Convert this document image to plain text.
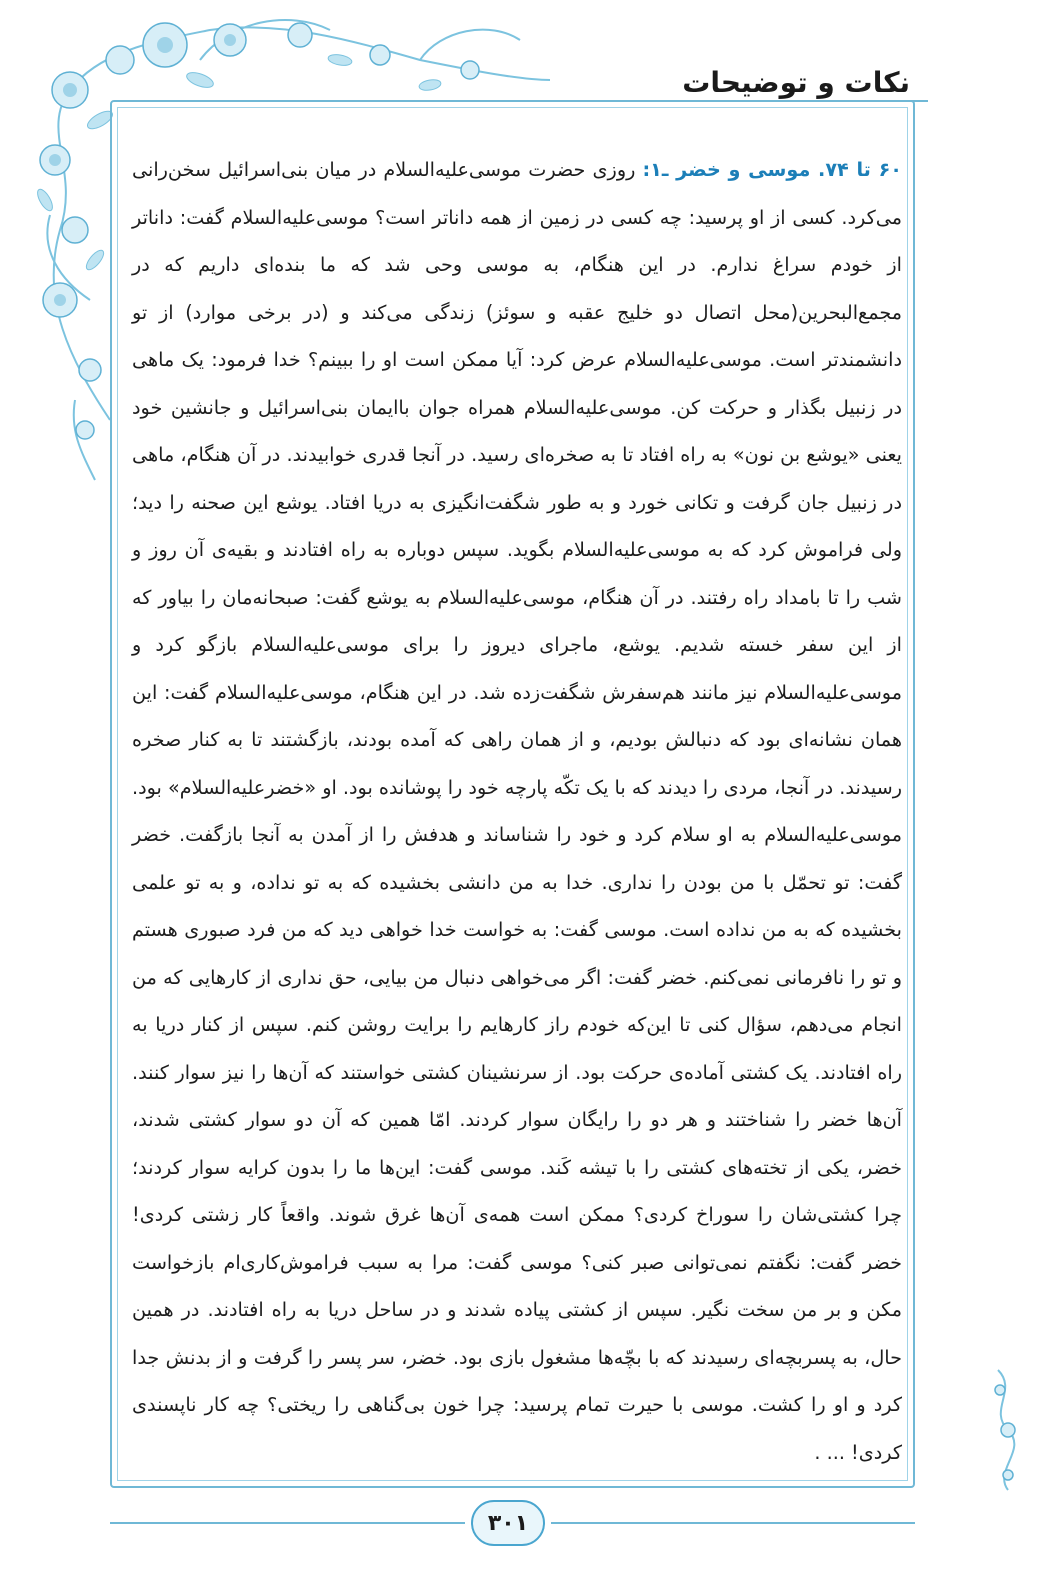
نکات و توضیحات

۶۰ تا ۷۴. موسی و خضر ـ۱: روزی حضرت موسی‌علیه‌السلام در میان بنی‌اسرائیل سخن‌رانی می‌کرد. کسی از او پرسید: چه کسی در زمین از همه داناتر است؟ موسی‌علیه‌السلام گفت: داناتر از خودم سراغ ندارم. در این هنگام، به موسی وحی شد که ما بنده‌ای داریم که در مجمع‌البحرین(محل اتصال دو خلیج عقبه و سوئز) زندگی می‌کند و (در برخی موارد) از تو دانشمندتر است. موسی‌علیه‌السلام عرض کرد: آیا ممکن است او را ببینم؟ خدا فرمود: یک ماهی در زنبیل بگذار و حرکت کن. موسی‌علیه‌السلام همراه جوان باایمان بنی‌اسرائیل و جانشین خود یعنی «یوشع بن نون» به راه افتاد تا به صخره‌ای رسید. در آنجا قدری خوابیدند. در آن هنگام، ماهی در زنبیل جان گرفت و تکانی خورد و به طور شگفت‌انگیزی به دریا افتاد. یوشع این صحنه را دید؛ ولی فراموش کرد که به موسی‌علیه‌السلام بگوید. سپس دوباره به راه افتادند و بقیه‌ی آن روز و شب را تا بامداد راه رفتند. در آن هنگام، موسی‌علیه‌السلام به یوشع گفت: صبحانه‌مان را بیاور که از این سفر خسته شدیم. یوشع، ماجرای دیروز را برای موسی‌علیه‌السلام بازگو کرد و موسی‌علیه‌السلام نیز مانند هم‌سفرش شگفت‌زده شد. در این هنگام، موسی‌علیه‌السلام گفت: این همان نشانه‌ای بود که دنبالش بودیم، و از همان راهی که آمده بودند، بازگشتند تا به کنار صخره رسیدند. در آنجا، مردی را دیدند که با یک تکّه پارچه خود را پوشانده بود. او «خضر‌علیه‌السلام» بود. موسی‌علیه‌السلام به او سلام کرد و خود را شناساند و هدفش را از آمدن به آنجا بازگفت. خضر گفت: تو تحمّل با من بودن را نداری. خدا به من دانشی بخشیده که به تو نداده، و به تو علمی بخشیده که به من نداده است. موسی گفت: به خواست خدا خواهی دید که من فرد صبوری هستم و تو را نافرمانی نمی‌کنم. خضر گفت: اگر می‌خواهی دنبال من بیایی، حق نداری از کارهایی که من انجام می‌دهم، سؤال کنی تا این‌که خودم راز کارهایم را برایت روشن کنم. سپس از کنار دریا به راه افتادند. یک کشتی آماده‌ی حرکت بود. از سرنشینان کشتی خواستند که آن‌ها را نیز سوار کنند. آن‌ها خضر را شناختند و هر دو را رایگان سوار کردند. امّا همین که آن دو سوار کشتی شدند، خضر، یکی از تخته‌های کشتی را با تیشه کَند. موسی گفت: این‌ها ما را بدون کرایه سوار کردند؛ چرا کشتی‌شان را سوراخ کردی؟ ممکن است همه‌ی آن‌ها غرق شوند. واقعاً کار زشتی کردی! خضر گفت: نگفتم نمی‌توانی صبر کنی؟ موسی گفت: مرا به سبب فراموش‌کاری‌ام بازخواست مکن و بر من سخت نگیر. سپس از کشتی پیاده شدند و در ساحل دریا به راه افتادند. در همین حال، به پسربچه‌ای رسیدند که با بچّه‌ها مشغول بازی بود. خضر، سر پسر را گرفت و از بدنش جدا کرد و او را کشت. موسی با حیرت تمام پرسید: چرا خون بی‌گناهی را ریختی؟ چه کار ناپسندی کردی! ... .

۳۰۱
